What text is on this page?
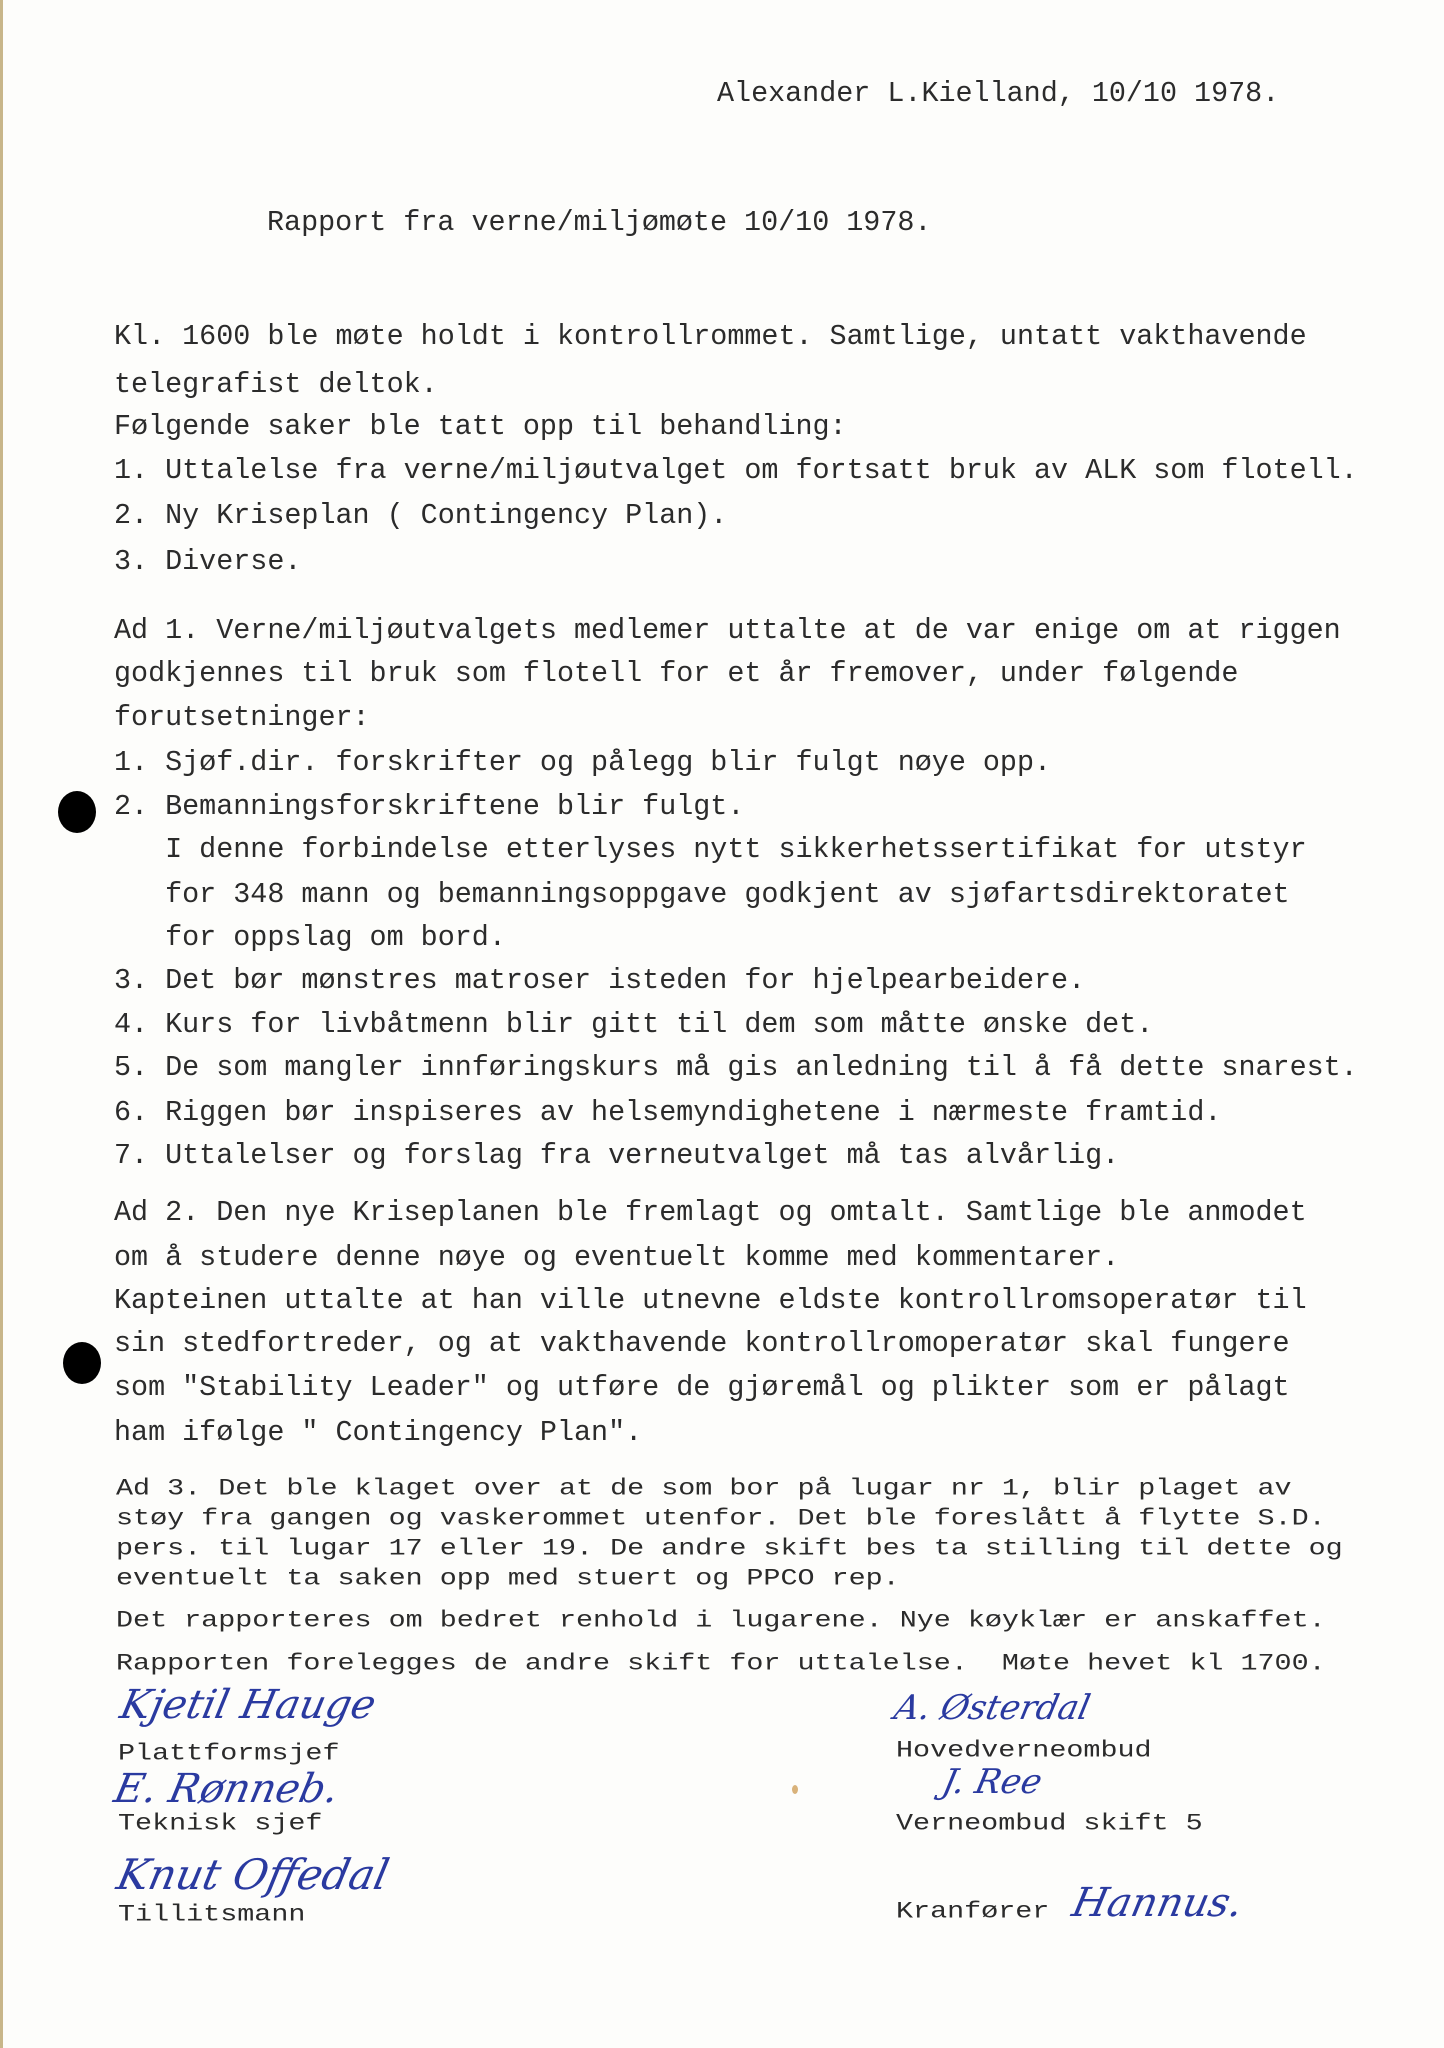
Alexander L.Kielland, 10/10 1978.
Rapport fra verne/miljømøte 10/10 1978.
Kl. 1600 ble møte holdt i kontrollrommet. Samtlige, untatt vakthavende
telegrafist deltok.
Følgende saker ble tatt opp til behandling:
1. Uttalelse fra verne/miljøutvalget om fortsatt bruk av ALK som flotell.
2. Ny Kriseplan ( Contingency Plan).
3. Diverse.
Ad 1. Verne/miljøutvalgets medlemer uttalte at de var enige om at riggen
godkjennes til bruk som flotell for et år fremover, under følgende
forutsetninger:
1. Sjøf.dir. forskrifter og pålegg blir fulgt nøye opp.
2. Bemanningsforskriftene blir fulgt.
I denne forbindelse etterlyses nytt sikkerhetssertifikat for utstyr
for 348 mann og bemanningsoppgave godkjent av sjøfartsdirektoratet
for oppslag om bord.
3. Det bør mønstres matroser isteden for hjelpearbeidere.
4. Kurs for livbåtmenn blir gitt til dem som måtte ønske det.
5. De som mangler innføringskurs må gis anledning til å få dette snarest.
6. Riggen bør inspiseres av helsemyndighetene i nærmeste framtid.
7. Uttalelser og forslag fra verneutvalget må tas alvårlig.
Ad 2. Den nye Kriseplanen ble fremlagt og omtalt. Samtlige ble anmodet
om å studere denne nøye og eventuelt komme med kommentarer.
Kapteinen uttalte at han ville utnevne eldste kontrollromsoperatør til
sin stedfortreder, og at vakthavende kontrollromoperatør skal fungere
som "Stability Leader" og utføre de gjøremål og plikter som er pålagt
ham ifølge " Contingency Plan".
Ad 3. Det ble klaget over at de som bor på lugar nr 1, blir plaget av
støy fra gangen og vaskerommet utenfor. Det ble foreslått å flytte S.D.
pers. til lugar 17 eller 19. De andre skift bes ta stilling til dette og
eventuelt ta saken opp med stuert og PPCO rep.
Det rapporteres om bedret renhold i lugarene. Nye køyklær er anskaffet.
Rapporten forelegges de andre skift for uttalelse.  Møte hevet kl 1700.
Kjetil Hauge
Plattformsjef
E. Rønneb.
Teknisk sjef
Knut Offedal
Tillitsmann
A. Østerdal
Hovedverneombud
J. Ree
Verneombud skift 5
Kranfører Hannus.
